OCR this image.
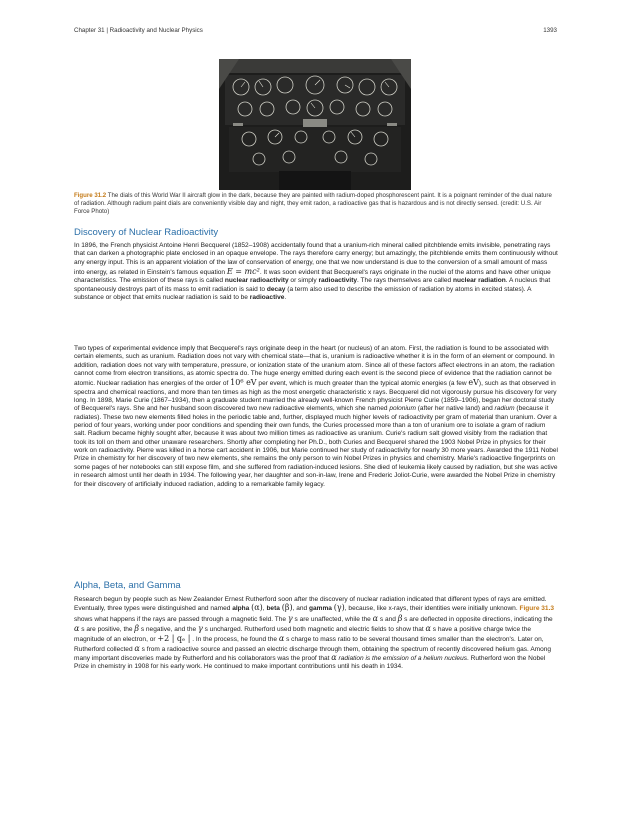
Chapter 31 | Radioactivity and Nuclear Physics	1393
Figure 31.2 The dials of this World War II aircraft glow in the dark, because they are painted with radium-doped phosphorescent paint. It is a poignant reminder of the dual nature of radiation. Although radium paint dials are conveniently visible day and night, they emit radon, a radioactive gas that is hazardous and is not directly sensed. (credit: U.S. Air Force Photo)
Discovery of Nuclear Radioactivity

In 1896, the French physicist Antoine Henri Becquerel (1852–1908) accidentally found that a uranium-rich mineral called pitchblende emits invisible, penetrating rays that can darken a photographic plate enclosed in an opaque envelope. The rays therefore carry energy; but amazingly, the pitchblende emits them continuously without any energy input. This is an apparent violation of the law of conservation of energy, one that we now understand is due to the conversion of a small amount of mass into energy, as related in Einstein's famous equation E = mc². It was soon evident that Becquerel's rays originate in the nuclei of the atoms and have other unique characteristics. The emission of these rays is called nuclear radioactivity or simply radioactivity. The rays themselves are called nuclear radiation. A nucleus that spontaneously destroys part of its mass to emit radiation is said to decay (a term also used to describe the emission of radiation by atoms in excited states). A substance or object that emits nuclear radiation is said to be radioactive.

Two types of experimental evidence imply that Becquerel's rays originate deep in the heart (or nucleus) of an atom. First, the radiation is found to be associated with certain elements, such as uranium. Radiation does not vary with chemical state—that is, uranium is radioactive whether it is in the form of an element or compound. In addition, radiation does not vary with temperature, pressure, or ionization state of the uranium atom. Since all of these factors affect electrons in an atom, the radiation cannot come from electron transitions, as atomic spectra do. The huge energy emitted during each event is the second piece of evidence that the radiation cannot be atomic. Nuclear radiation has energies of the order of 10⁶ eV per event, which is much greater than the typical atomic energies (a few eV), such as that observed in spectra and chemical reactions, and more than ten times as high as the most energetic characteristic x rays. Becquerel did not vigorously pursue his discovery for very long. In 1898, Marie Curie (1867–1934), then a graduate student married the already well-known French physicist Pierre Curie (1859–1906), began her doctoral study of Becquerel's rays. She and her husband soon discovered two new radioactive elements, which she named polonium (after her native land) and radium (because it radiates). These two new elements filled holes in the periodic table and, further, displayed much higher levels of radioactivity per gram of material than uranium. Over a period of four years, working under poor conditions and spending their own funds, the Curies processed more than a ton of uranium ore to isolate a gram of radium salt. Radium became highly sought after, because it was about two million times as radioactive as uranium. Curie's radium salt glowed visibly from the radiation that took its toll on them and other unaware researchers. Shortly after completing her Ph.D., both Curies and Becquerel shared the 1903 Nobel Prize in physics for their work on radioactivity. Pierre was killed in a horse cart accident in 1906, but Marie continued her study of radioactivity for nearly 30 more years. Awarded the 1911 Nobel Prize in chemistry for her discovery of two new elements, she remains the only person to win Nobel Prizes in physics and chemistry. Marie's radioactive fingerprints on some pages of her notebooks can still expose film, and she suffered from radiation-induced lesions. She died of leukemia likely caused by radiation, but she was active in research almost until her death in 1934. The following year, her daughter and son-in-law, Irene and Frederic Joliot-Curie, were awarded the Nobel Prize in chemistry for their discovery of artificially induced radiation, adding to a remarkable family legacy.

Alpha, Beta, and Gamma

Research begun by people such as New Zealander Ernest Rutherford soon after the discovery of nuclear radiation indicated that different types of rays are emitted. Eventually, three types were distinguished and named alpha (α), beta (β), and gamma (γ), because, like x-rays, their identities were initially unknown. Figure 31.3 shows what happens if the rays are passed through a magnetic field. The γ s are unaffected, while the α s and β s are deflected in opposite directions, indicating the α s are positive, the β s negative, and the γ s uncharged. Rutherford used both magnetic and electric fields to show that α s have a positive charge twice the magnitude of an electron, or +2 | qₑ | . In the process, he found the α s charge to mass ratio to be several thousand times smaller than the electron's. Later on, Rutherford collected α s from a radioactive source and passed an electric discharge through them, obtaining the spectrum of recently discovered helium gas. Among many important discoveries made by Rutherford and his collaborators was the proof that α radiation is the emission of a helium nucleus. Rutherford won the Nobel Prize in chemistry in 1908 for his early work. He continued to make important contributions until his death in 1934.
